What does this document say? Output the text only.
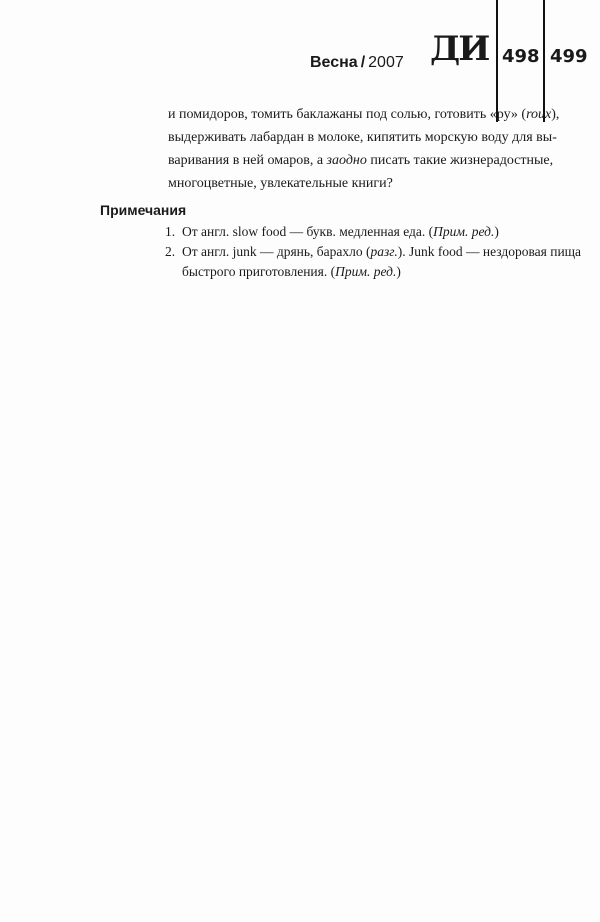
Весна / 2007 ДИ 498 499

и помидоров, томить баклажаны под солью, готовить «ру» (roux),

выдерживать лабардан в молоке, кипятить морскую воду для вы-

варивания в ней омаров, а заодно писать такие жизнерадостные,

многоцветные, увлекательные книги?

Примечания
1. От англ. slow food — букв. медленная еда. (Прим. ред.)
2. От англ. junk — дрянь, барахло (разг.). Junk food — нездоровая пища быстрого приготовления. (Прим. ред.)
